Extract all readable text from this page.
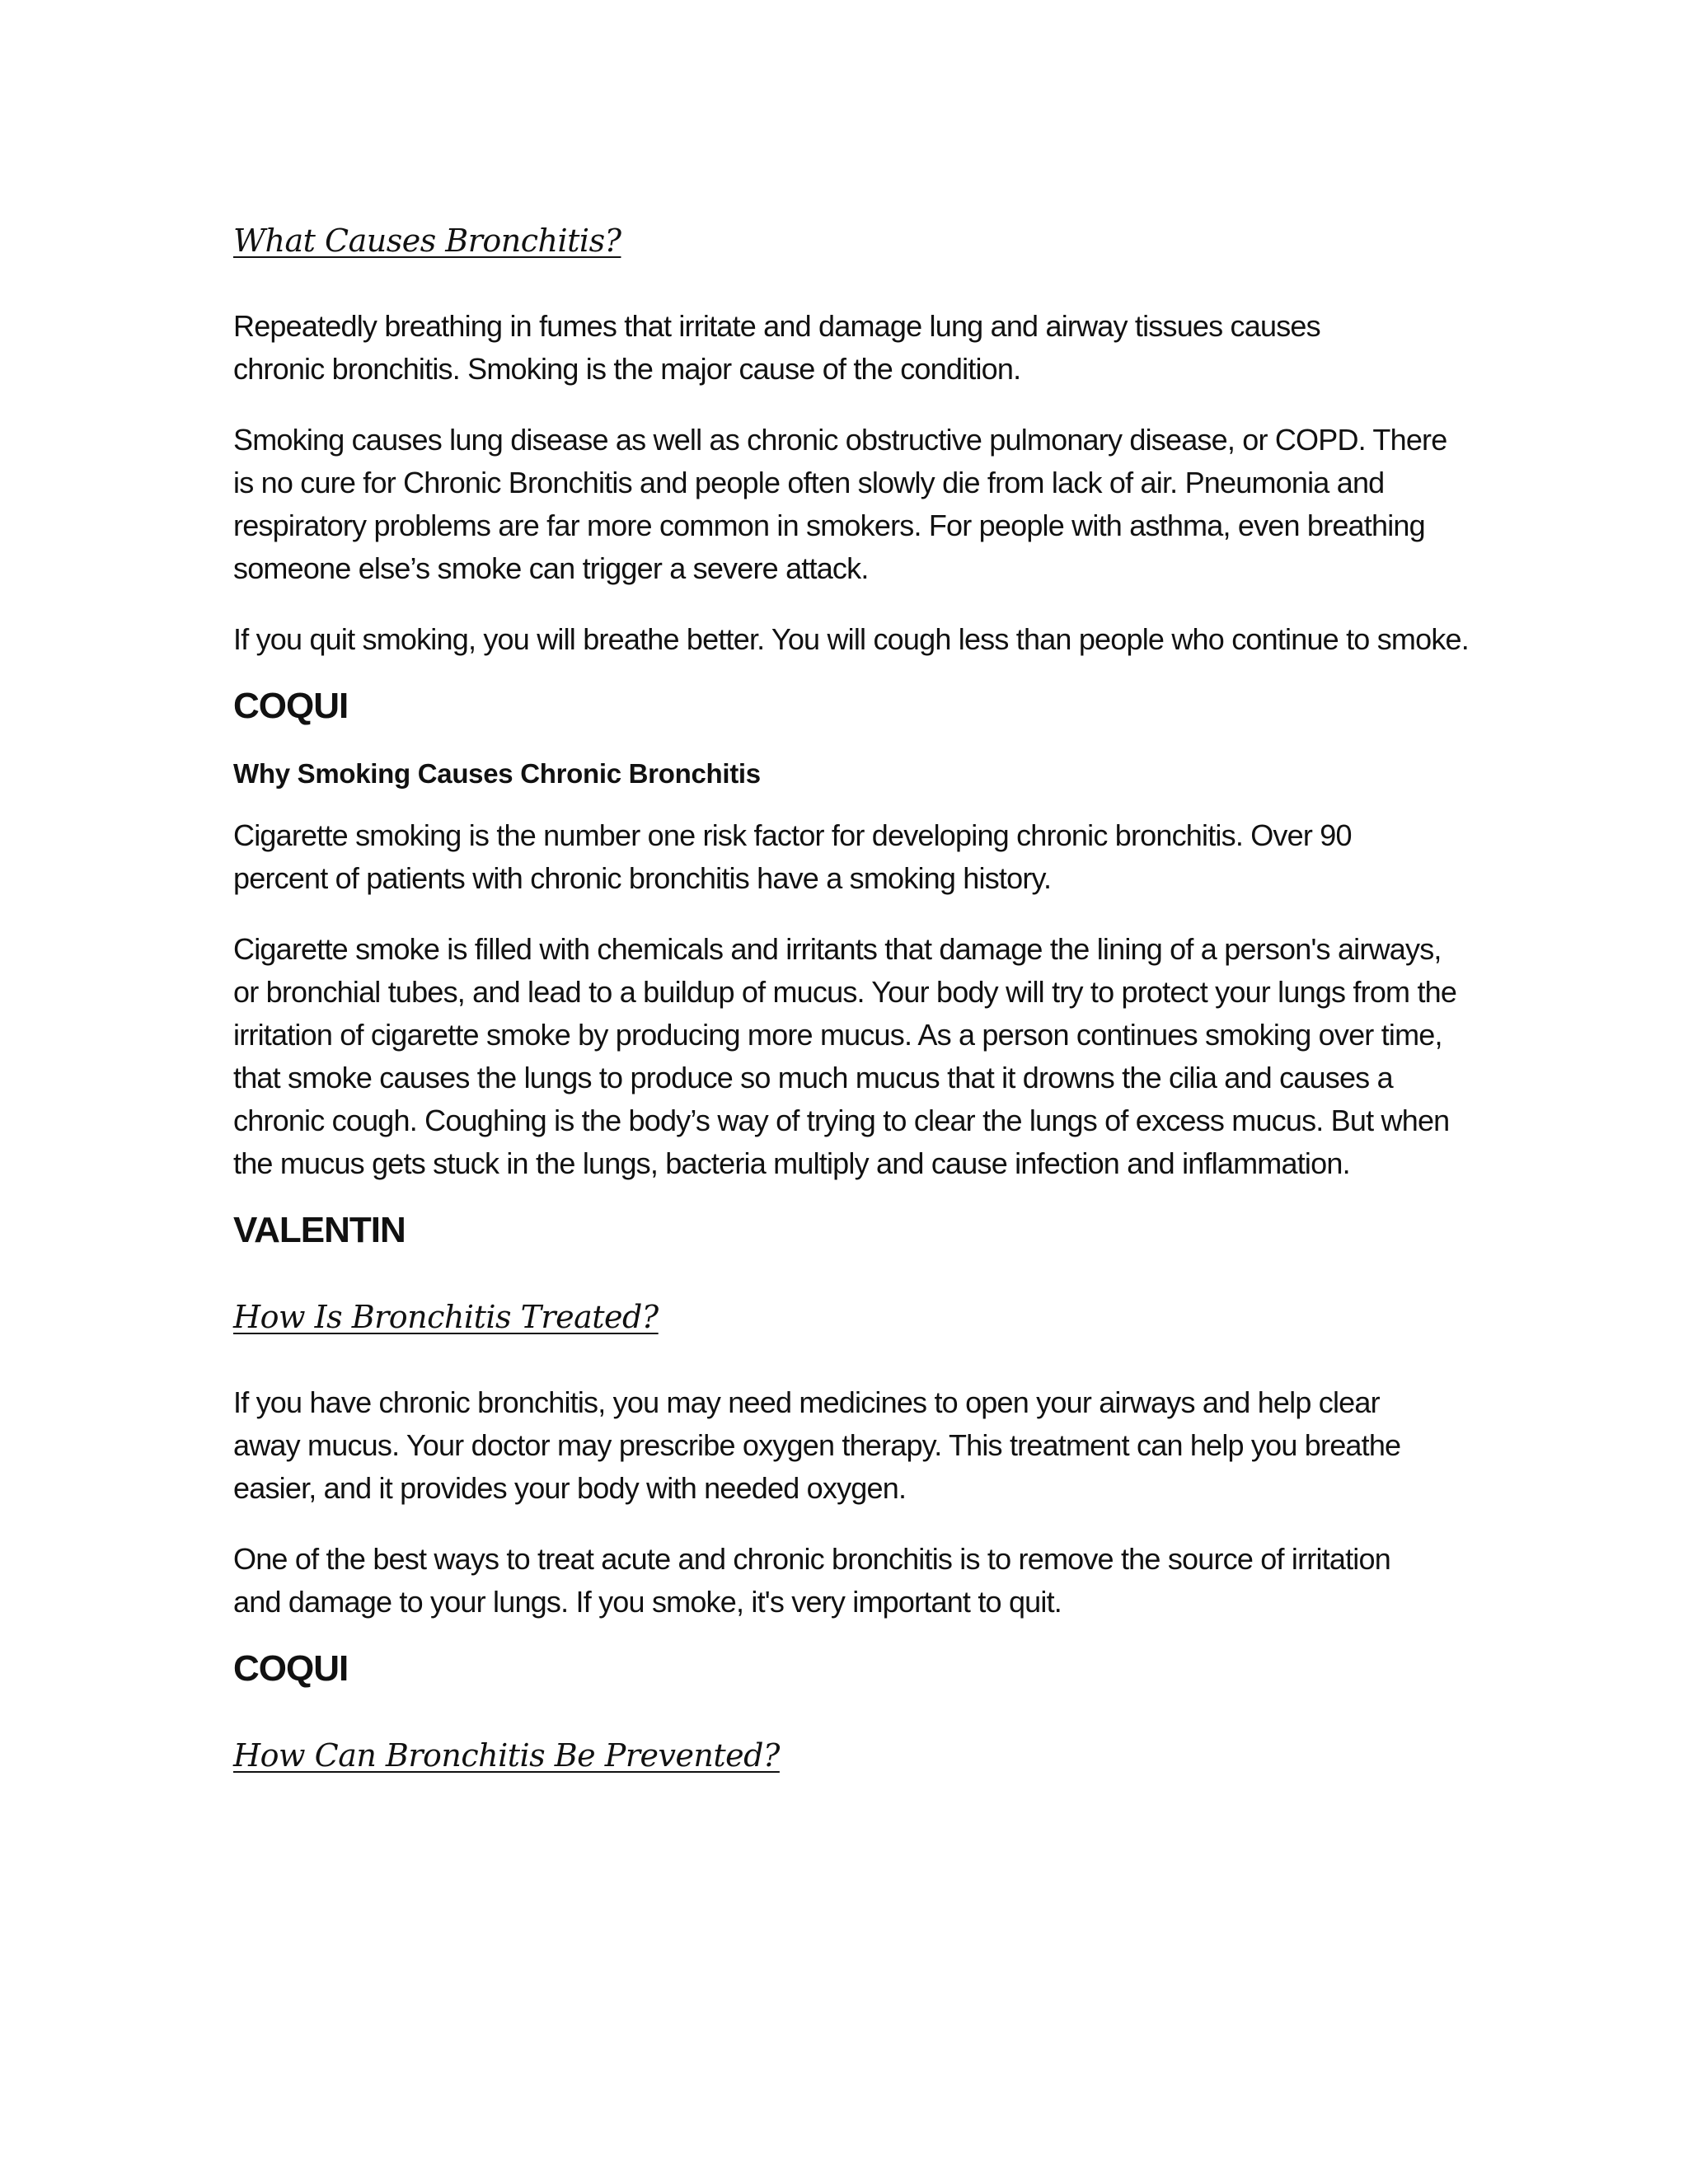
What Causes Bronchitis?

Repeatedly breathing in fumes that irritate and damage lung and airway tissues causes chronic bronchitis. Smoking is the major cause of the condition.

Smoking causes lung disease as well as chronic obstructive pulmonary disease, or COPD. There is no cure for Chronic Bronchitis and people often slowly die from lack of air. Pneumonia and respiratory problems are far more common in smokers. For people with asthma, even breathing someone else’s smoke can trigger a severe attack.

If you quit smoking, you will breathe better. You will cough less than people who continue to smoke.

COQUI
Why Smoking Causes Chronic Bronchitis

Cigarette smoking is the number one risk factor for developing chronic bronchitis. Over 90 percent of patients with chronic bronchitis have a smoking history.

Cigarette smoke is filled with chemicals and irritants that damage the lining of a person's airways, or bronchial tubes, and lead to a buildup of mucus. Your body will try to protect your lungs from the irritation of cigarette smoke by producing more mucus. As a person continues smoking over time, that smoke causes the lungs to produce so much mucus that it drowns the cilia and causes a chronic cough. Coughing is the body’s way of trying to clear the lungs of excess mucus. But when the mucus gets stuck in the lungs, bacteria multiply and cause infection and inflammation.

VALENTIN
How Is Bronchitis Treated?

If you have chronic bronchitis, you may need medicines to open your airways and help clear away mucus. Your doctor may prescribe oxygen therapy. This treatment can help you breathe easier, and it provides your body with needed oxygen.

One of the best ways to treat acute and chronic bronchitis is to remove the source of irritation and damage to your lungs. If you smoke, it's very important to quit.

COQUI
How Can Bronchitis Be Prevented?
